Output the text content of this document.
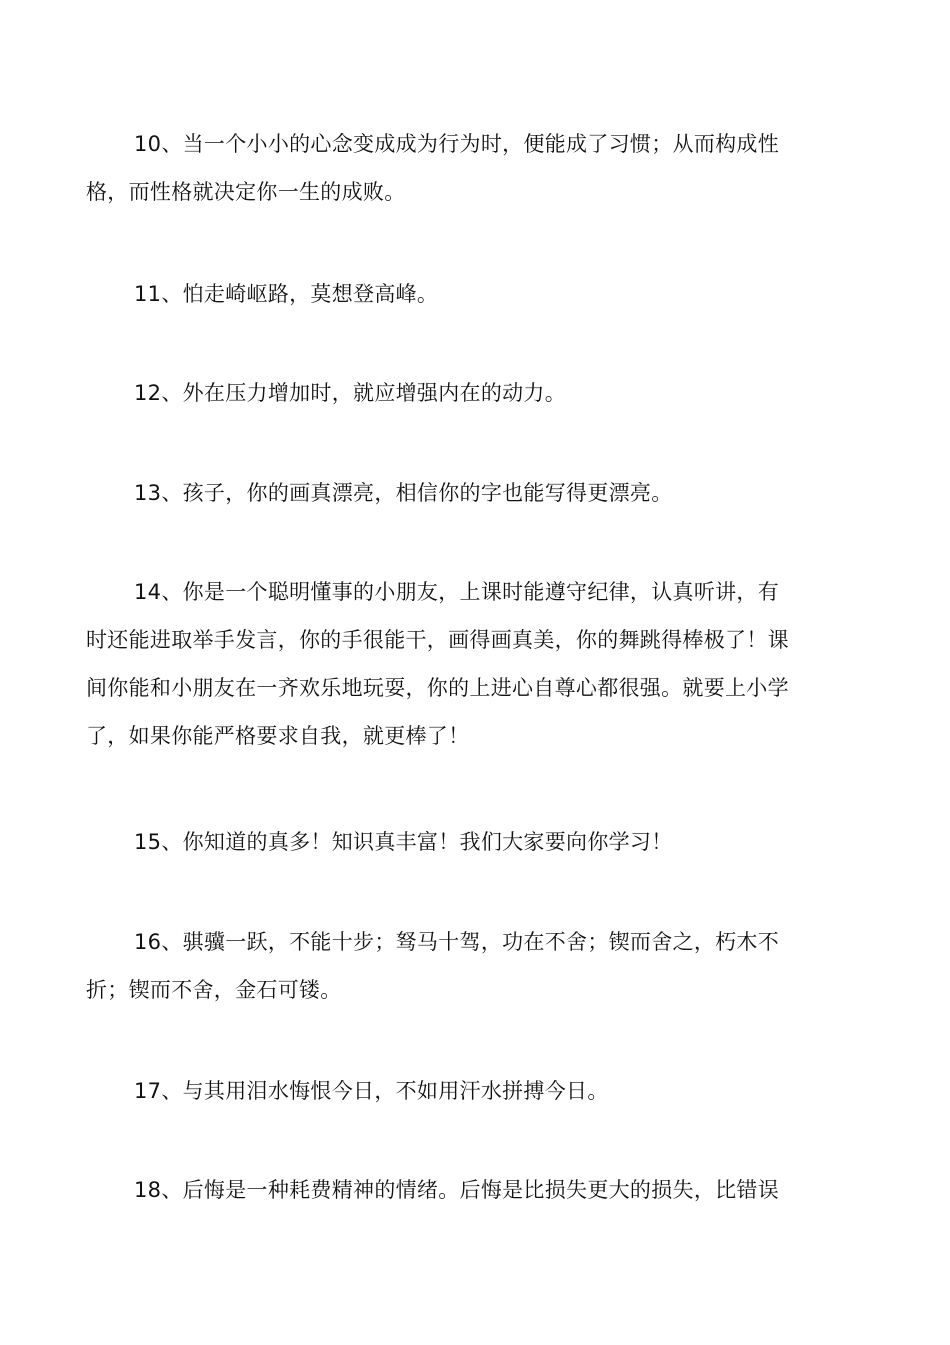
10、当一个小小的心念变成成为行为时，便能成了习惯；从而构成性格，而性格就决定你一生的成败。

11、怕走崎岖路，莫想登高峰。

12、外在压力增加时，就应增强内在的动力。

13、孩子，你的画真漂亮，相信你的字也能写得更漂亮。

14、你是一个聪明懂事的小朋友，上课时能遵守纪律，认真听讲，有时还能进取举手发言，你的手很能干，画得画真美，你的舞跳得棒极了！课间你能和小朋友在一齐欢乐地玩耍，你的上进心自尊心都很强。就要上小学了，如果你能严格要求自我，就更棒了！

15、你知道的真多！知识真丰富！我们大家要向你学习！

16、骐骥一跃，不能十步；驽马十驾，功在不舍；锲而舍之，朽木不折；锲而不舍，金石可镂。

17、与其用泪水悔恨今日，不如用汗水拼搏今日。

18、后悔是一种耗费精神的情绪。后悔是比损失更大的损失，比错误
